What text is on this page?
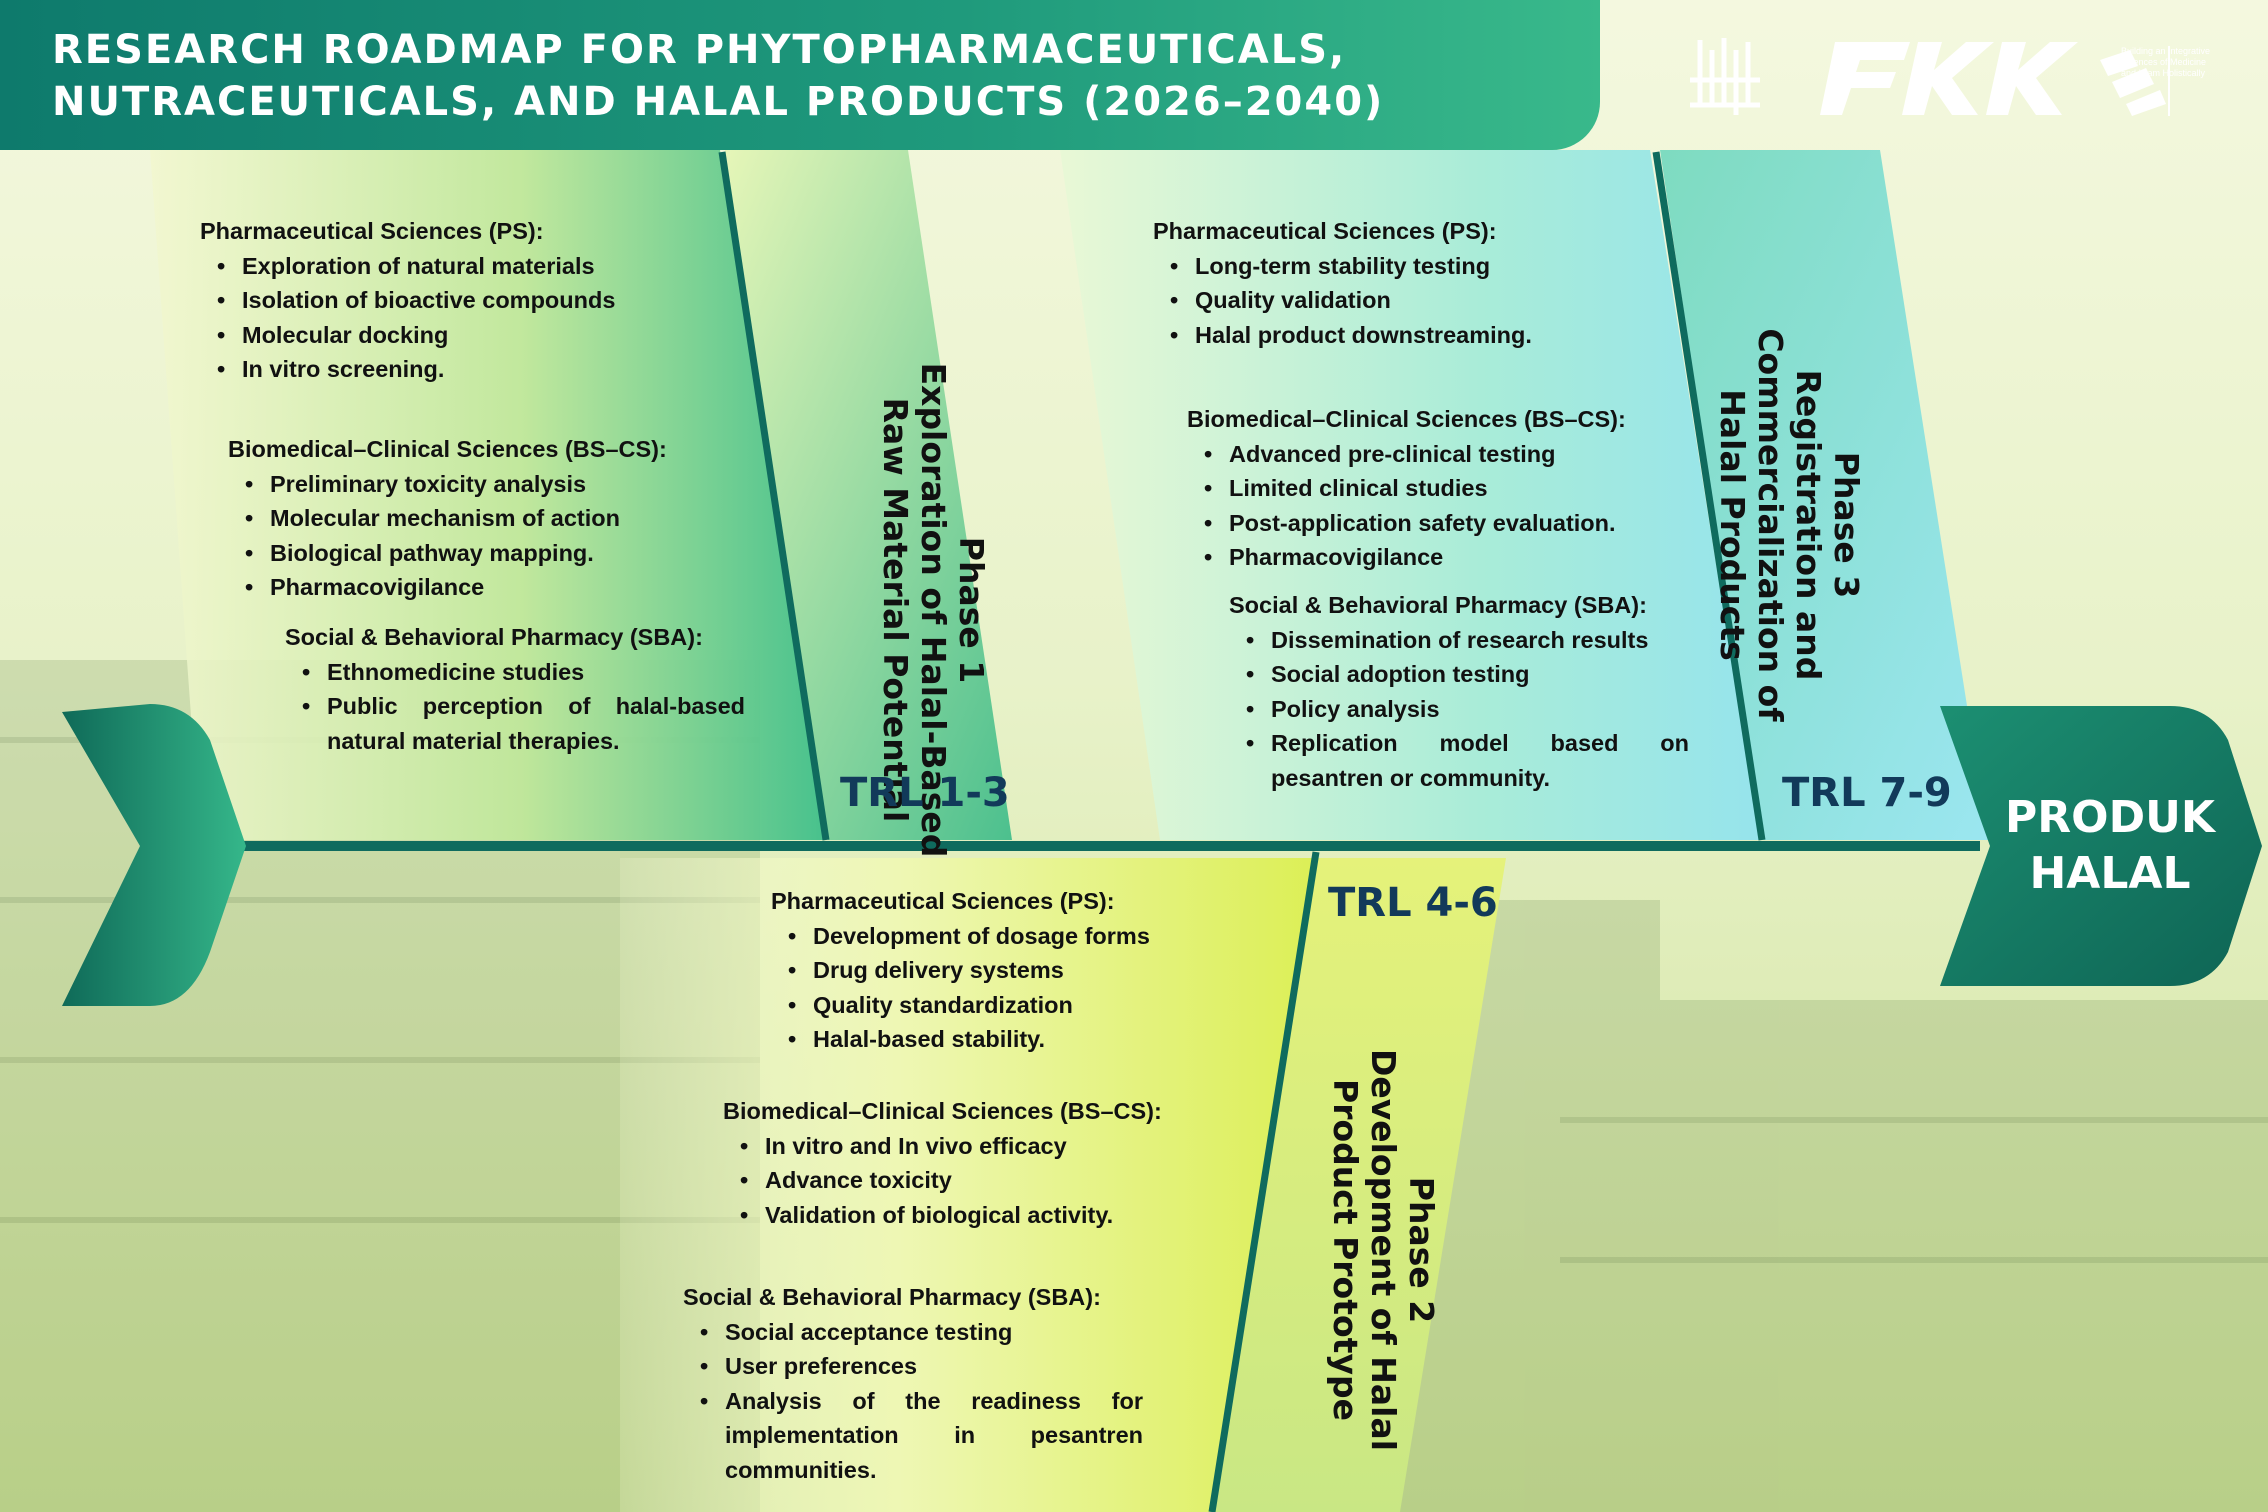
RESEARCH ROADMAP FOR PHYTOPHARMACEUTICALS,
NUTRACEUTICALS, AND HALAL PRODUCTS (2026–2040)
Building an Integrative Sciences of Medicine and Islam Holistically

Pharmaceutical Sciences (PS):

• Exploration of natural materials
• Isolation of bioactive compounds
• Molecular docking
• In vitro screening.

Biomedical–Clinical Sciences (BS–CS):

• Preliminary toxicity analysis
• Molecular mechanism of action
• Biological pathway mapping.
• Pharmacovigilance

Social & Behavioral Pharmacy (SBA):

• Ethnomedicine studies
• Public perception of halal-based natural material therapies.
Phase 1
Exploration of Halal-Based
Raw Material Potential
TRL 1-3

Pharmaceutical Sciences (PS):

• Long-term stability testing
• Quality validation
• Halal product downstreaming.

Biomedical–Clinical Sciences (BS–CS):

• Advanced pre-clinical testing
• Limited clinical studies
• Post-application safety evaluation.
• Pharmacovigilance

Social & Behavioral Pharmacy (SBA):

• Dissemination of research results
• Social adoption testing
• Policy analysis
• Replication model based on pesantren or community.
Phase 3
Registration and
Commercialization of
Halal Products
TRL 7-9

Pharmaceutical Sciences (PS):

• Development of dosage forms
• Drug delivery systems
• Quality standardization
• Halal-based stability.

Biomedical–Clinical Sciences (BS–CS):

• In vitro and In vivo efficacy
• Advance toxicity
• Validation of biological activity.

Social & Behavioral Pharmacy (SBA):

• Social acceptance testing
• User preferences
• Analysis of the readiness for implementation in pesantren communities.
Phase 2
Development of Halal
Product Prototype
TRL 4-6
PRODUK
HALAL
